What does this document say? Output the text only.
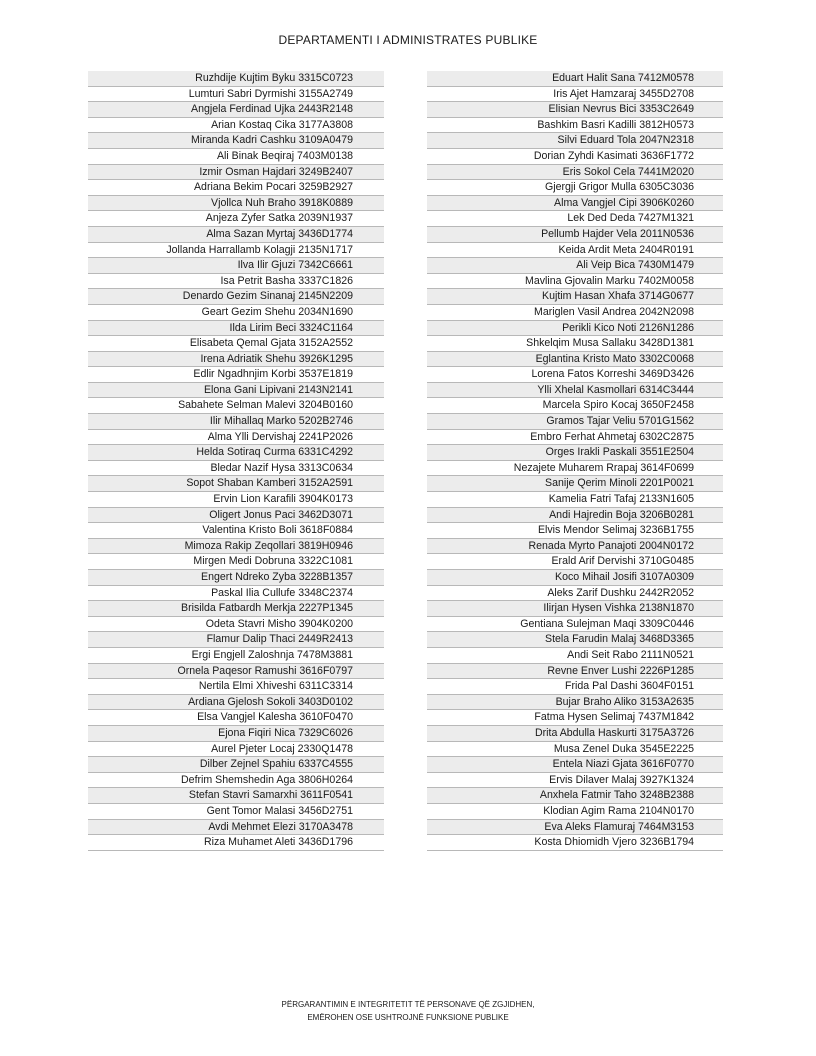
DEPARTAMENTI I ADMINISTRATES PUBLIKE
Ruzhdije Kujtim Byku 3315C0723
Lumturi Sabri Dyrmishi 3155A2749
Angjela Ferdinad Ujka 2443R2148
Arian Kostaq Cika 3177A3808
Miranda Kadri Cashku 3109A0479
Ali Binak Beqiraj 7403M0138
Izmir Osman Hajdari 3249B2407
Adriana Bekim Pocari 3259B2927
Vjollca Nuh Braho 3918K0889
Anjeza Zyfer Satka 2039N1937
Alma Sazan Myrtaj 3436D1774
Jollanda Harrallamb Kolagji 2135N1717
Ilva Ilir Gjuzi 7342C6661
Isa Petrit Basha 3337C1826
Denardo Gezim Sinanaj 2145N2209
Geart Gezim Shehu 2034N1690
Ilda Lirim Beci 3324C1164
Elisabeta Qemal Gjata 3152A2552
Irena Adriatik Shehu 3926K1295
Edlir Ngadhnjim Korbi 3537E1819
Elona Gani Lipivani 2143N2141
Sabahete Selman Malevi 3204B0160
Ilir Mihallaq Marko 5202B2746
Alma Ylli Dervishaj 2241P2026
Helda Sotiraq Curma 6331C4292
Bledar Nazif Hysa 3313C0634
Sopot Shaban Kamberi 3152A2591
Ervin Lion Karafili 3904K0173
Oligert Jonus Paci 3462D3071
Valentina Kristo Boli 3618F0884
Mimoza Rakip Zeqollari 3819H0946
Mirgen Medi Dobruna 3322C1081
Engert Ndreko Zyba 3228B1357
Paskal Ilia Cullufe 3348C2374
Brisilda Fatbardh Merkja 2227P1345
Odeta Stavri Misho 3904K0200
Flamur Dalip Thaci 2449R2413
Ergi Engjell Zaloshnja 7478M3881
Ornela Paqesor Ramushi 3616F0797
Nertila Elmi Xhiveshi 6311C3314
Ardiana Gjelosh Sokoli 3403D0102
Elsa Vangjel Kalesha 3610F0470
Ejona Fiqiri Nica 7329C6026
Aurel Pjeter Locaj 2330Q1478
Dilber Zejnel Spahiu 6337C4555
Defrim Shemshedin Aga 3806H0264
Stefan Stavri Samarxhi 3611F0541
Gent Tomor Malasi 3456D2751
Avdi Mehmet Elezi 3170A3478
Riza Muhamet Aleti 3436D1796
Eduart Halit Sana 7412M0578
Iris Ajet Hamzaraj 3455D2708
Elisian Nevrus Bici 3353C2649
Bashkim Basri Kadilli 3812H0573
Silvi Eduard Tola 2047N2318
Dorian Zyhdi Kasimati 3636F1772
Eris Sokol Cela 7441M2020
Gjergji Grigor Mulla 6305C3036
Alma Vangjel Cipi 3906K0260
Lek Ded Deda 7427M1321
Pellumb Hajder Vela 2011N0536
Keida Ardit Meta 2404R0191
Ali Veip Bica 7430M1479
Mavlina Gjovalin Marku 7402M0058
Kujtim Hasan Xhafa 3714G0677
Mariglen Vasil Andrea 2042N2098
Perikli Kico Noti 2126N1286
Shkelqim Musa Sallaku 3428D1381
Eglantina Kristo Mato 3302C0068
Lorena Fatos Korreshi 3469D3426
Ylli Xhelal Kasmollari 6314C3444
Marcela Spiro Kocaj 3650F2458
Gramos Tajar Veliu 5701G1562
Embro Ferhat Ahmetaj 6302C2875
Orges Irakli Paskali 3551E2504
Nezajete Muharem Rrapaj 3614F0699
Sanije Qerim Minoli 2201P0021
Kamelia Fatri Tafaj 2133N1605
Andi Hajredin Boja 3206B0281
Elvis Mendor Selimaj 3236B1755
Renada Myrto Panajoti 2004N0172
Erald Arif Dervishi 3710G0485
Koco Mihail Josifi 3107A0309
Aleks Zarif Dushku 2442R2052
Ilirjan Hysen Vishka 2138N1870
Gentiana Sulejman Maqi 3309C0446
Stela Farudin Malaj 3468D3365
Andi Seit Rabo 2111N0521
Revne Enver Lushi 2226P1285
Frida Pal Dashi 3604F0151
Bujar Braho Aliko 3153A2635
Fatma Hysen Selimaj 7437M1842
Drita Abdulla Haskurti 3175A3726
Musa Zenel Duka 3545E2225
Entela Niazi Gjata 3616F0770
Ervis Dilaver Malaj 3927K1324
Anxhela Fatmir Taho 3248B2388
Klodian Agim Rama 2104N0170
Eva Aleks Flamuraj 7464M3153
Kosta Dhiomidh Vjero 3236B1794
PËRGARANTIMIN E INTEGRITETIT TË PERSONAVE QË ZGJIDHEN,
EMËROHEN OSE USHTROJNË FUNKSIONE PUBLIKE
